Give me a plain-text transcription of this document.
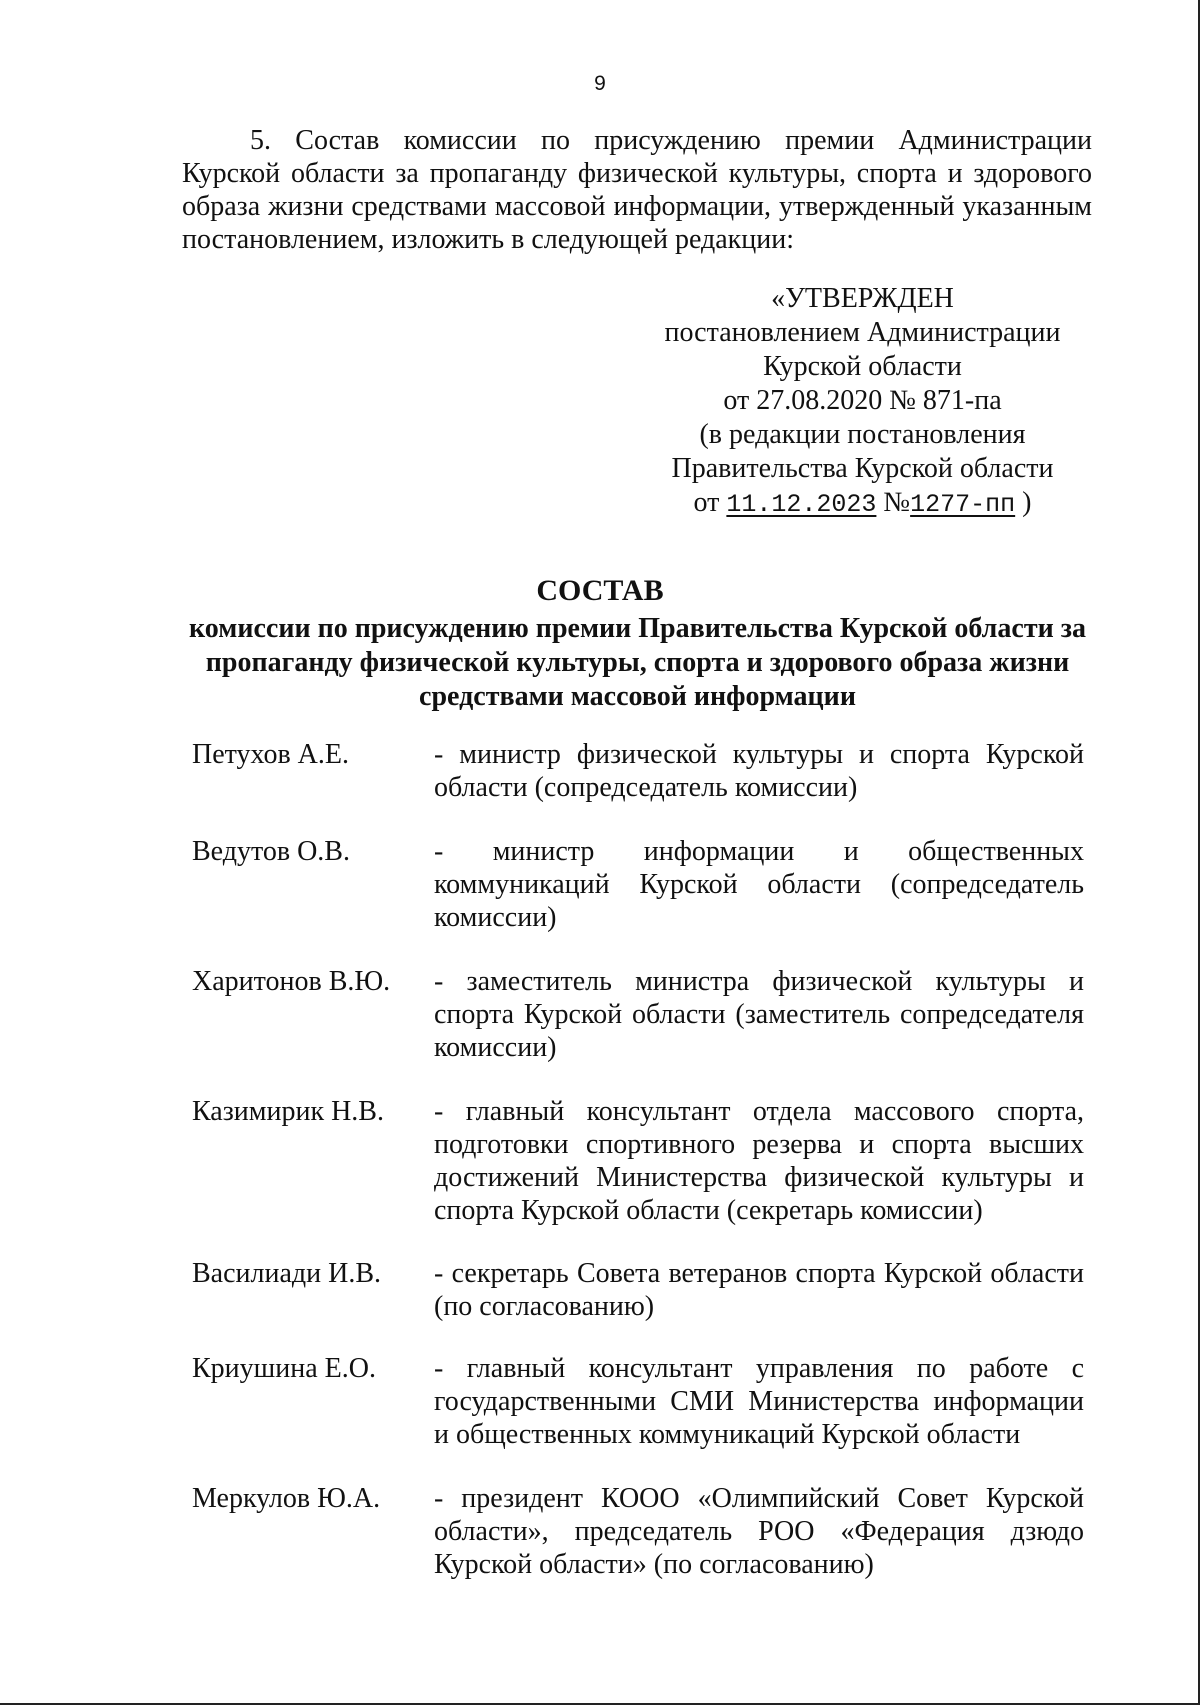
9

5. Состав комиссии по присуждению премии Администрации Курской области за пропаганду физической культуры, спорта и здорового образа жизни средствами массовой информации, утвержденный указанным постановлением, изложить в следующей редакции:

«УТВЕРЖДЕН
постановлением Администрации
Курской области
от 27.08.2020 № 871-па
(в редакции постановления
Правительства Курской области
от 11.12.2023 №1277-пп )
СОСТАВ
комиссии по присуждению премии Правительства Курской области за пропаганду физической культуры, спорта и здорового образа жизни средствами массовой информации
Петухов А.Е.	- министр физической культуры и спорта Курской области (сопредседатель комиссии)
Ведутов О.В.	- министр информации и общественных коммуникаций Курской области (сопредседатель комиссии)
Харитонов В.Ю.	- заместитель министра физической культуры и спорта Курской области (заместитель сопредседателя комиссии)
Казимирик Н.В.	- главный консультант отдела массового спорта, подготовки спортивного резерва и спорта высших достижений Министерства физической культуры и спорта Курской области (секретарь комиссии)
Василиади И.В.	- секретарь Совета ветеранов спорта Курской области (по согласованию)
Криушина Е.О.	- главный консультант управления по работе с государственными СМИ Министерства информации и общественных коммуникаций Курской области
Меркулов Ю.А.	- президент КООО «Олимпийский Совет Курской области», председатель РОО «Федерация дзюдо Курской области» (по согласованию)
